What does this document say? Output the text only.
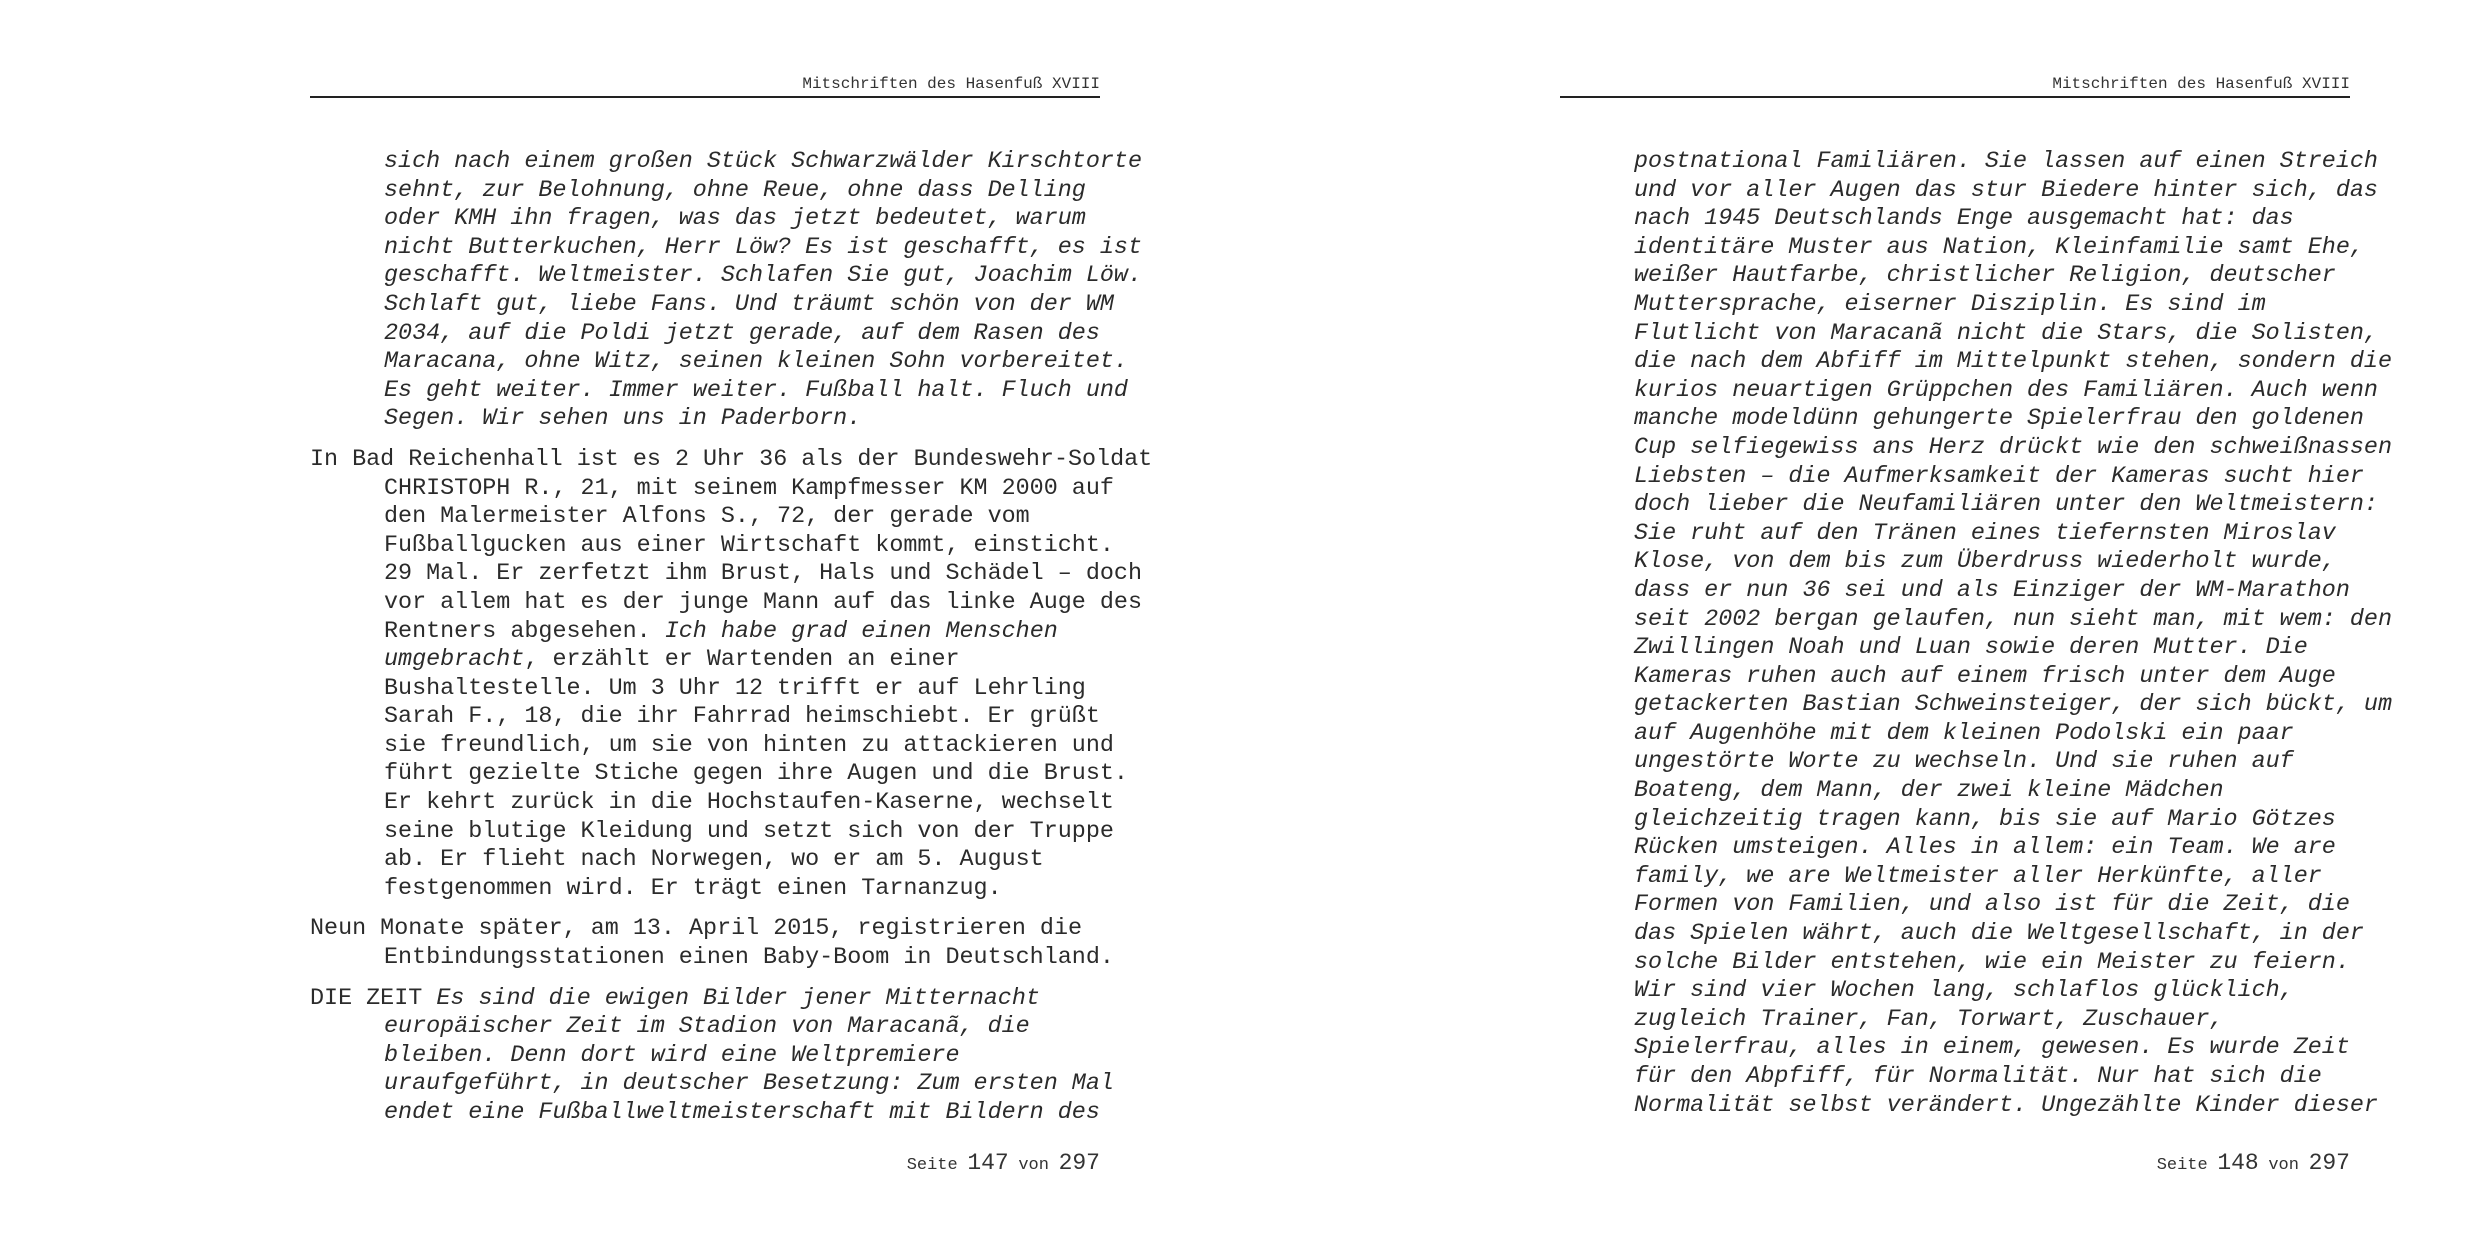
Mitschriften des Hasenfuß XVIII
sich nach einem großen Stück Schwarzwälder Kirschtorte
sehnt, zur Belohnung, ohne Reue, ohne dass Delling
oder KMH ihn fragen, was das jetzt bedeutet, warum
nicht Butterkuchen, Herr Löw? Es ist geschafft, es ist
geschafft. Weltmeister. Schlafen Sie gut, Joachim Löw.
Schlaft gut, liebe Fans. Und träumt schön von der WM
2034, auf die Poldi jetzt gerade, auf dem Rasen des
Maracana, ohne Witz, seinen kleinen Sohn vorbereitet.
Es geht weiter. Immer weiter. Fußball halt. Fluch und
Segen. Wir sehen uns in Paderborn.
In Bad Reichenhall ist es 2 Uhr 36 als der Bundeswehr-Soldat
CHRISTOPH R., 21, mit seinem Kampfmesser KM 2000 auf
den Malermeister Alfons S., 72, der gerade vom
Fußballgucken aus einer Wirtschaft kommt, einsticht.
29 Mal. Er zerfetzt ihm Brust, Hals und Schädel – doch
vor allem hat es der junge Mann auf das linke Auge des
Rentners abgesehen. Ich habe grad einen Menschen
umgebracht, erzählt er Wartenden an einer
Bushaltestelle. Um 3 Uhr 12 trifft er auf Lehrling
Sarah F., 18, die ihr Fahrrad heimschiebt. Er grüßt
sie freundlich, um sie von hinten zu attackieren und
führt gezielte Stiche gegen ihre Augen und die Brust.
Er kehrt zurück in die Hochstaufen-Kaserne, wechselt
seine blutige Kleidung und setzt sich von der Truppe
ab. Er flieht nach Norwegen, wo er am 5. August
festgenommen wird. Er trägt einen Tarnanzug.
Neun Monate später, am 13. April 2015, registrieren die
Entbindungsstationen einen Baby-Boom in Deutschland.
DIE ZEIT Es sind die ewigen Bilder jener Mitternacht
europäischer Zeit im Stadion von Maracanã, die
bleiben. Denn dort wird eine Weltpremiere
uraufgeführt, in deutscher Besetzung: Zum ersten Mal
endet eine Fußballweltmeisterschaft mit Bildern des
Seite 147 von 297
Mitschriften des Hasenfuß XVIII
postnational Familiären. Sie lassen auf einen Streich
und vor aller Augen das stur Biedere hinter sich, das
nach 1945 Deutschlands Enge ausgemacht hat: das
identitäre Muster aus Nation, Kleinfamilie samt Ehe,
weißer Hautfarbe, christlicher Religion, deutscher
Muttersprache, eiserner Disziplin. Es sind im
Flutlicht von Maracanã nicht die Stars, die Solisten,
die nach dem Abfiff im Mittelpunkt stehen, sondern die
kurios neuartigen Grüppchen des Familiären. Auch wenn
manche modeldünn gehungerte Spielerfrau den goldenen
Cup selfiegewiss ans Herz drückt wie den schweißnassen
Liebsten – die Aufmerksamkeit der Kameras sucht hier
doch lieber die Neufamiliären unter den Weltmeistern:
Sie ruht auf den Tränen eines tiefernsten Miroslav
Klose, von dem bis zum Überdruss wiederholt wurde,
dass er nun 36 sei und als Einziger der WM-Marathon
seit 2002 bergan gelaufen, nun sieht man, mit wem: den
Zwillingen Noah und Luan sowie deren Mutter. Die
Kameras ruhen auch auf einem frisch unter dem Auge
getackerten Bastian Schweinsteiger, der sich bückt, um
auf Augenhöhe mit dem kleinen Podolski ein paar
ungestörte Worte zu wechseln. Und sie ruhen auf
Boateng, dem Mann, der zwei kleine Mädchen
gleichzeitig tragen kann, bis sie auf Mario Götzes
Rücken umsteigen. Alles in allem: ein Team. We are
family, we are Weltmeister aller Herkünfte, aller
Formen von Familien, und also ist für die Zeit, die
das Spielen währt, auch die Weltgesellschaft, in der
solche Bilder entstehen, wie ein Meister zu feiern.
Wir sind vier Wochen lang, schlaflos glücklich,
zugleich Trainer, Fan, Torwart, Zuschauer,
Spielerfrau, alles in einem, gewesen. Es wurde Zeit
für den Abpfiff, für Normalität. Nur hat sich die
Normalität selbst verändert. Ungezählte Kinder dieser
Seite 148 von 297
